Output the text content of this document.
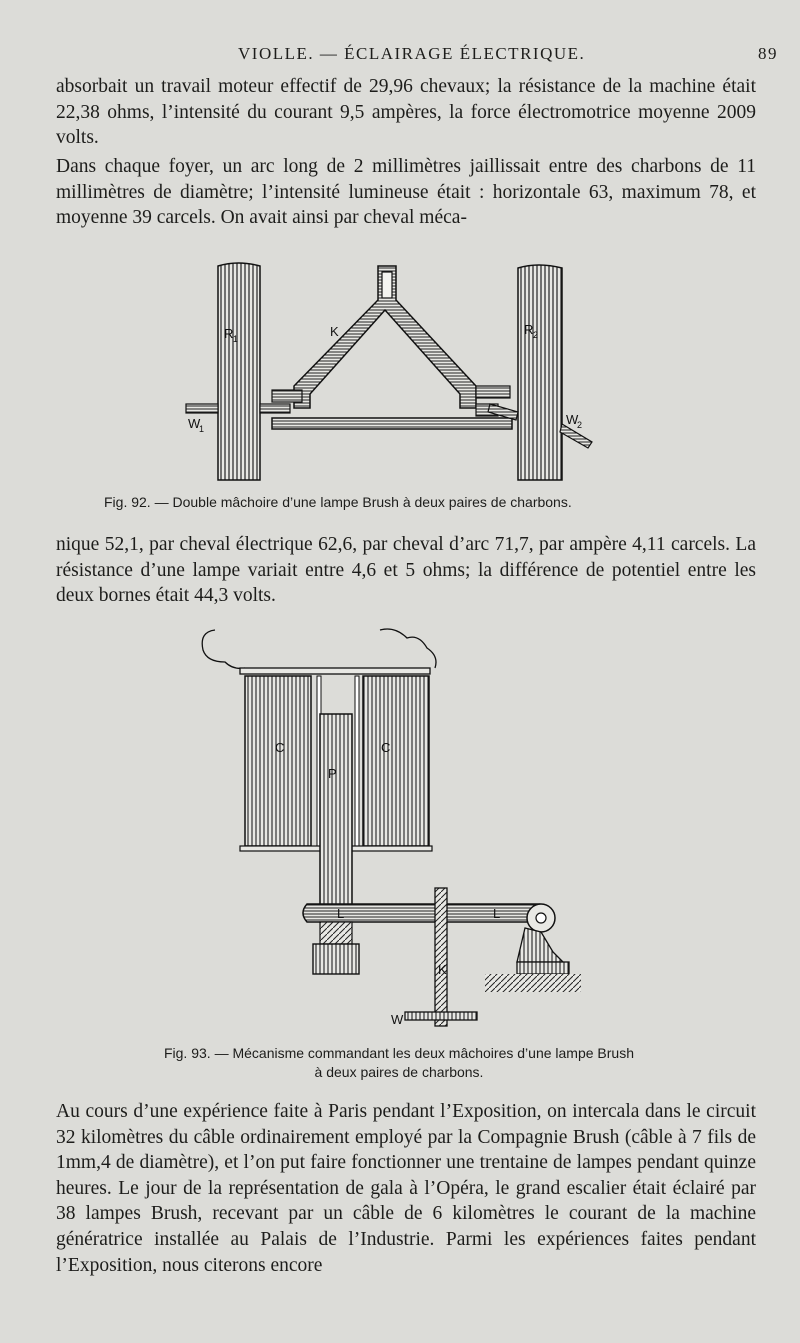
VIOLLE. — ÉCLAIRAGE ÉLECTRIQUE.	89

absorbait un travail moteur effectif de 29,96 chevaux; la résistance de la machine était 22,38 ohms, l’intensité du courant 9,5 ampères, la force électromotrice moyenne 2009 volts.

Dans chaque foyer, un arc long de 2 millimètres jaillissait entre des charbons de 11 millimètres de diamètre; l’intensité lumineuse était : horizontale 63, maximum 78, et moyenne 39 carcels. On avait ainsi par cheval méca-

R 1
R 2
K
W
1
W
2
Fig. 92. — Double mâchoire d’une lampe Brush à deux paires de charbons.

nique 52,1, par cheval électrique 62,6, par cheval d’arc 71,7, par ampère 4,11 carcels. La résistance d’une lampe variait entre 4,6 et 5 ohms; la différence de potentiel entre les deux bornes était 44,3 volts.

C	C
P
L	L
K
W
Fig. 93. — Mécanisme commandant les deux mâchoires d’une lampe Brush
à deux paires de charbons.

Au cours d’une expérience faite à Paris pendant l’Exposition, on intercala dans le circuit 32 kilomètres du câble ordinairement employé par la Compagnie Brush (câble à 7 fils de 1mm,4 de diamètre), et l’on put faire fonctionner une trentaine de lampes pendant quinze heures. Le jour de la représentation de gala à l’Opéra, le grand escalier était éclairé par 38 lampes Brush, recevant par un câble de 6 kilomètres le courant de la machine génératrice installée au Palais de l’Industrie. Parmi les expériences faites pendant l’Exposition, nous citerons encore
